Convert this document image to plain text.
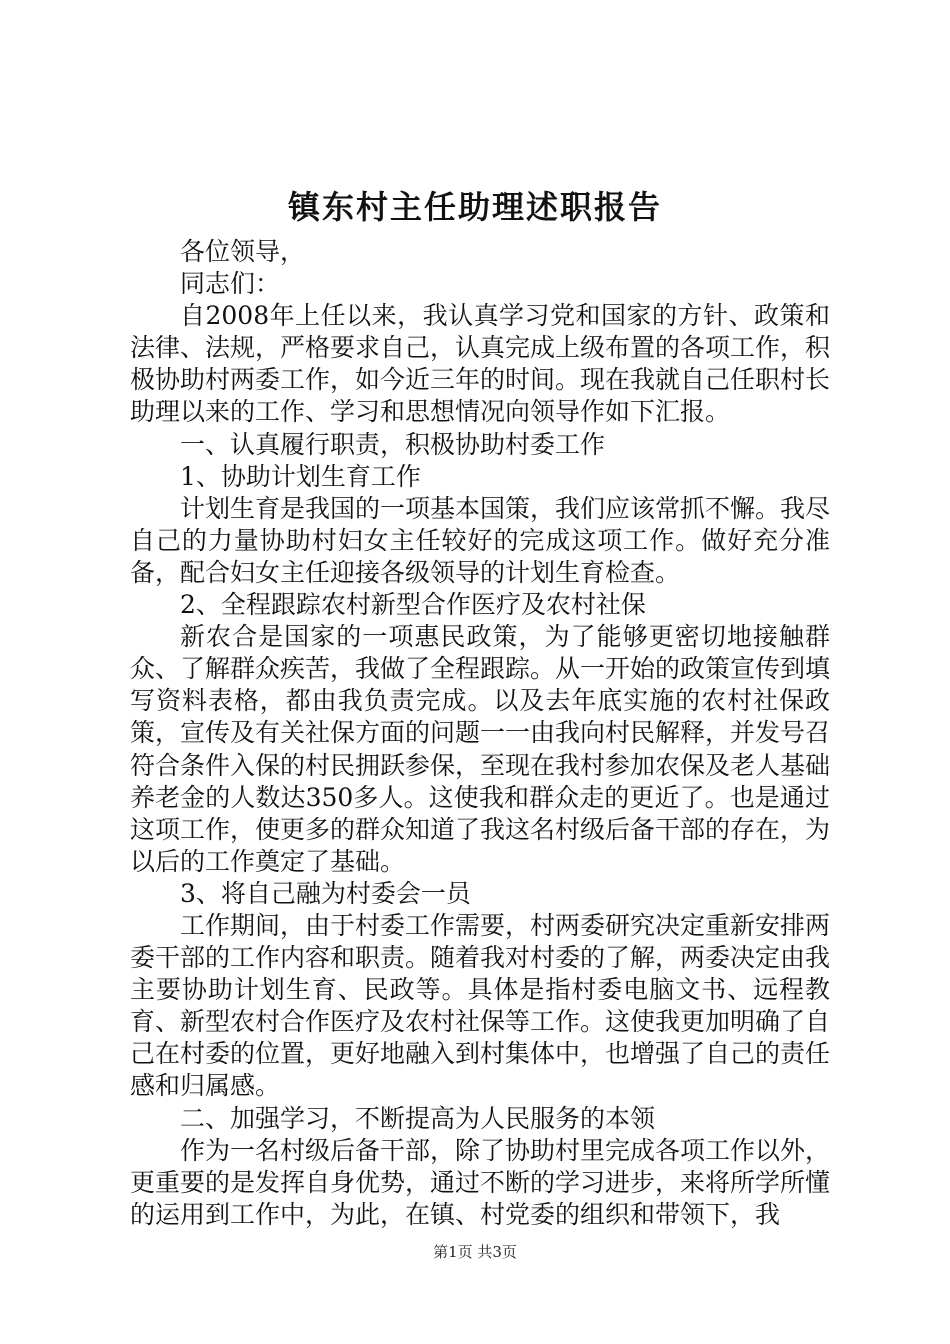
镇东村主任助理述职报告

各位领导，

同志们：

自2008年上任以来，我认真学习党和国家的方针、政策和法律、法规，严格要求自己，认真完成上级布置的各项工作，积极协助村两委工作，如今近三年的时间。现在我就自己任职村长助理以来的工作、学习和思想情况向领导作如下汇报。

一、认真履行职责，积极协助村委工作

1、协助计划生育工作

计划生育是我国的一项基本国策，我们应该常抓不懈。我尽自己的力量协助村妇女主任较好的完成这项工作。做好充分准备，配合妇女主任迎接各级领导的计划生育检查。

2、全程跟踪农村新型合作医疗及农村社保

新农合是国家的一项惠民政策，为了能够更密切地接触群众、了解群众疾苦，我做了全程跟踪。从一开始的政策宣传到填写资料表格，都由我负责完成。以及去年底实施的农村社保政策，宣传及有关社保方面的问题一一由我向村民解释，并发号召符合条件入保的村民拥跃参保，至现在我村参加农保及老人基础养老金的人数达350多人。这使我和群众走的更近了。也是通过这项工作，使更多的群众知道了我这名村级后备干部的存在，为以后的工作奠定了基础。

3、将自己融为村委会一员

工作期间，由于村委工作需要，村两委研究决定重新安排两委干部的工作内容和职责。随着我对村委的了解，两委决定由我主要协助计划生育、民政等。具体是指村委电脑文书、远程教育、新型农村合作医疗及农村社保等工作。这使我更加明确了自己在村委的位置，更好地融入到村集体中，也增强了自己的责任感和归属感。

二、加强学习，不断提高为人民服务的本领

作为一名村级后备干部，除了协助村里完成各项工作以外，更重要的是发挥自身优势，通过不断的学习进步，来将所学所懂的运用到工作中，为此，在镇、村党委的组织和带领下，我

第1页 共3页
